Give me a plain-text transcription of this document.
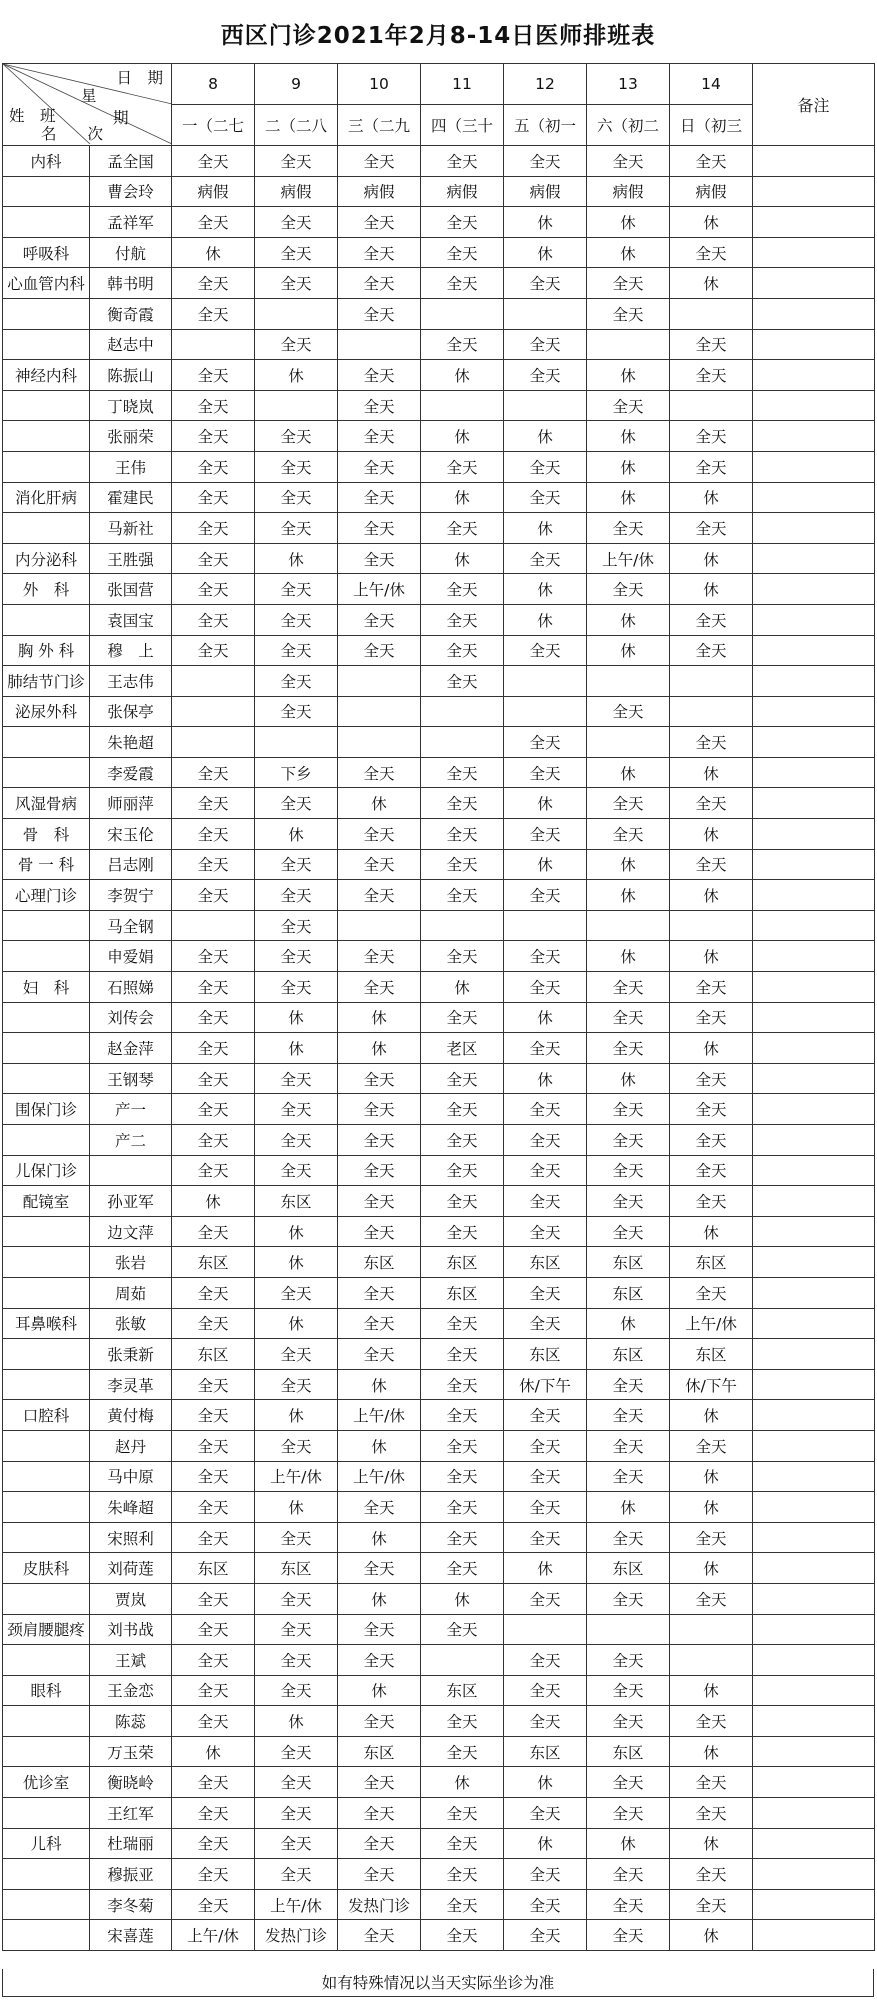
西区门诊2021年2月8-14日医师排班表
日　期
星
期
姓　班
名　　次		8	9	10	11	12	13	14	备注
		一（二七	二（二八	三（二九	四（三十	五（初一	六（初二	日（初三	
内科	孟全国	全天	全天	全天	全天	全天	全天	全天	
	曹会玲	病假	病假	病假	病假	病假	病假	病假	
	孟祥军	全天	全天	全天	全天	休	休	休	
呼吸科	付航	休	全天	全天	全天	休	休	全天	
心血管内科	韩书明	全天	全天	全天	全天	全天	全天	休	
	衡奇霞	全天		全天			全天		
	赵志中		全天		全天	全天		全天	
神经内科	陈振山	全天	休	全天	休	全天	休	全天	
	丁晓岚	全天		全天			全天		
	张丽荣	全天	全天	全天	休	休	休	全天	
	王伟	全天	全天	全天	全天	全天	休	全天	
消化肝病	霍建民	全天	全天	全天	休	全天	休	休	
	马新社	全天	全天	全天	全天	休	全天	全天	
内分泌科	王胜强	全天	休	全天	休	全天	上午/休	休	
外　科	张国营	全天	全天	上午/休	全天	休	全天	休	
	袁国宝	全天	全天	全天	全天	休	休	全天	
胸 外 科	穆　上	全天	全天	全天	全天	全天	休	全天	
肺结节门诊	王志伟		全天		全天				
泌尿外科	张保亭		全天				全天		
	朱艳超					全天		全天	
	李爱霞	全天	下乡	全天	全天	全天	休	休	
风湿骨病	师丽萍	全天	全天	休	全天	休	全天	全天	
骨　科	宋玉伦	全天	休	全天	全天	全天	全天	休	
骨 一 科	吕志刚	全天	全天	全天	全天	休	休	全天	
心理门诊	李贺宁	全天	全天	全天	全天	全天	休	休	
	马全钢		全天						
	申爱娟	全天	全天	全天	全天	全天	休	休	
妇　科	石照娣	全天	全天	全天	休	全天	全天	全天	
	刘传会	全天	休	休	全天	休	全天	全天	
	赵金萍	全天	休	休	老区	全天	全天	休	
	王钢琴	全天	全天	全天	全天	休	休	全天	
围保门诊	产一	全天	全天	全天	全天	全天	全天	全天	
	产二	全天	全天	全天	全天	全天	全天	全天	
儿保门诊		全天	全天	全天	全天	全天	全天	全天	
配镜室	孙亚军	休	东区	全天	全天	全天	全天	全天	
	边文萍	全天	休	全天	全天	全天	全天	休	
	张岩	东区	休	东区	东区	东区	东区	东区	
	周茹	全天	全天	全天	东区	全天	东区	全天	
耳鼻喉科	张敏	全天	休	全天	全天	全天	休	上午/休	
	张秉新	东区	全天	全天	全天	东区	东区	东区	
	李灵革	全天	全天	休	全天	休/下午	全天	休/下午	
口腔科	黄付梅	全天	休	上午/休	全天	全天	全天	休	
	赵丹	全天	全天	休	全天	全天	全天	全天	
	马中原	全天	上午/休	上午/休	全天	全天	全天	休	
	朱峰超	全天	休	全天	全天	全天	休	休	
	宋照利	全天	全天	休	全天	全天	全天	全天	
皮肤科	刘荷莲	东区	东区	全天	全天	休	东区	休	
	贾岚	全天	全天	休	休	全天	全天	全天	
颈肩腰腿疼	刘书战	全天	全天	全天	全天				
	王斌	全天	全天	全天		全天	全天		
眼科	王金恋	全天	全天	休	东区	全天	全天	休	
	陈蕊	全天	休	全天	全天	全天	全天	全天	
	万玉荣	休	全天	东区	全天	东区	东区	休	
优诊室	衡晓岭	全天	全天	全天	休	休	全天	全天	
	王红军	全天	全天	全天	全天	全天	全天	全天	
儿科	杜瑞丽	全天	全天	全天	全天	休	休	休	
	穆振亚	全天	全天	全天	全天	全天	全天	全天	
	李冬菊	全天	上午/休	发热门诊	全天	全天	全天	全天	
	宋喜莲	上午/休	发热门诊	全天	全天	全天	全天	休	
如有特殊情况以当天实际坐诊为准
